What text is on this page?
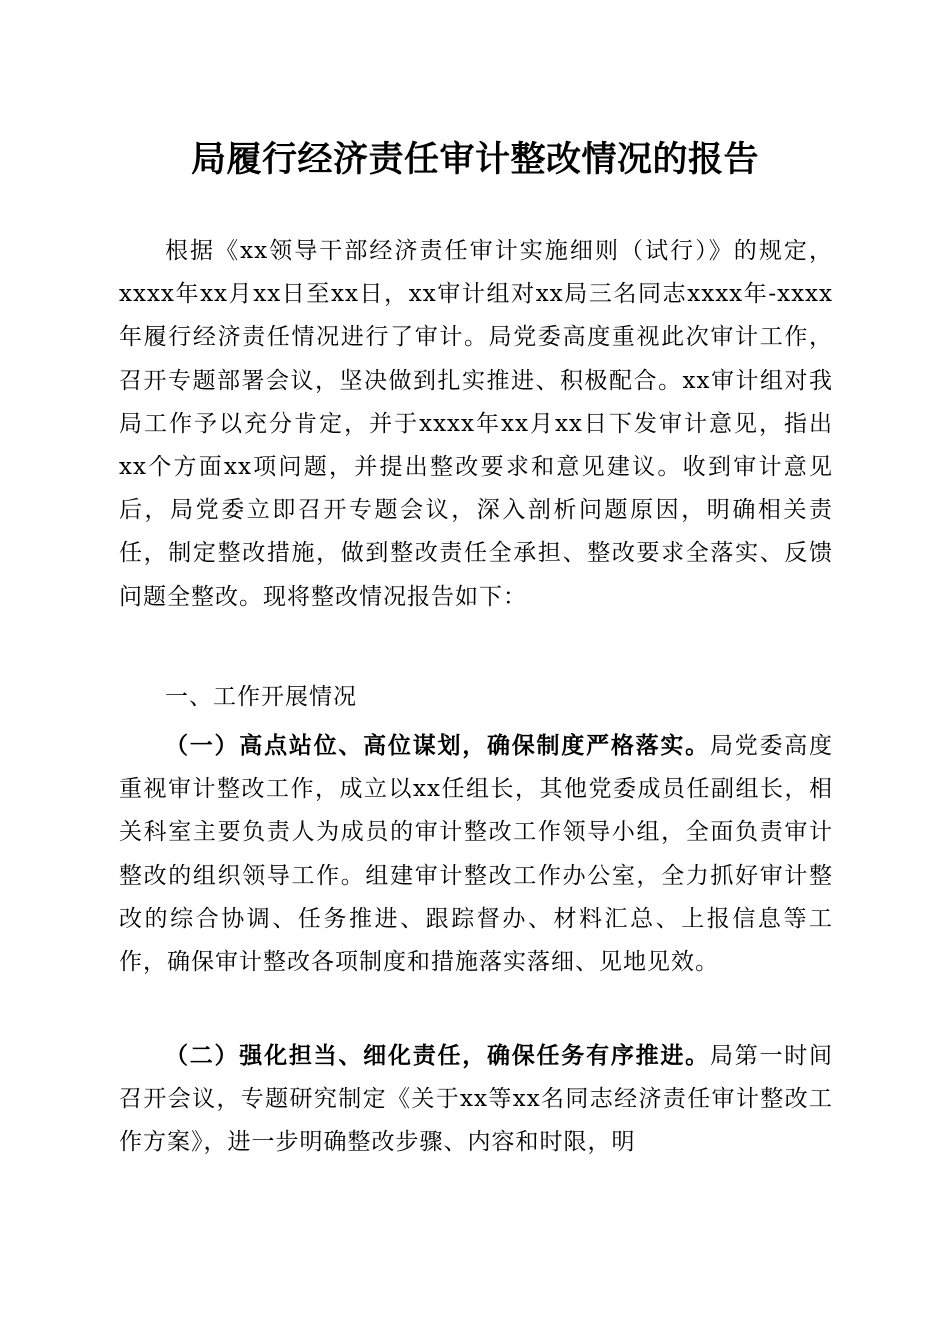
局履行经济责任审计整改情况的报告

根据《xx领导干部经济责任审计实施细则（试行）》的规定，xxxx年xx月xx日至xx日，xx审计组对xx局三名同志xxxx年-xxxx年履行经济责任情况进行了审计。局党委高度重视此次审计工作，召开专题部署会议，坚决做到扎实推进、积极配合。xx审计组对我局工作予以充分肯定，并于xxxx年xx月xx日下发审计意见，指出xx个方面xx项问题，并提出整改要求和意见建议。收到审计意见后，局党委立即召开专题会议，深入剖析问题原因，明确相关责任，制定整改措施，做到整改责任全承担、整改要求全落实、反馈问题全整改。现将整改情况报告如下：

一、工作开展情况

（一）高点站位、高位谋划，确保制度严格落实。局党委高度重视审计整改工作，成立以xx任组长，其他党委成员任副组长，相关科室主要负责人为成员的审计整改工作领导小组，全面负责审计整改的组织领导工作。组建审计整改工作办公室，全力抓好审计整改的综合协调、任务推进、跟踪督办、材料汇总、上报信息等工作，确保审计整改各项制度和措施落实落细、见地见效。

（二）强化担当、细化责任，确保任务有序推进。局第一时间召开会议，专题研究制定《关于xx等xx名同志经济责任审计整改工作方案》，进一步明确整改步骤、内容和时限，明
